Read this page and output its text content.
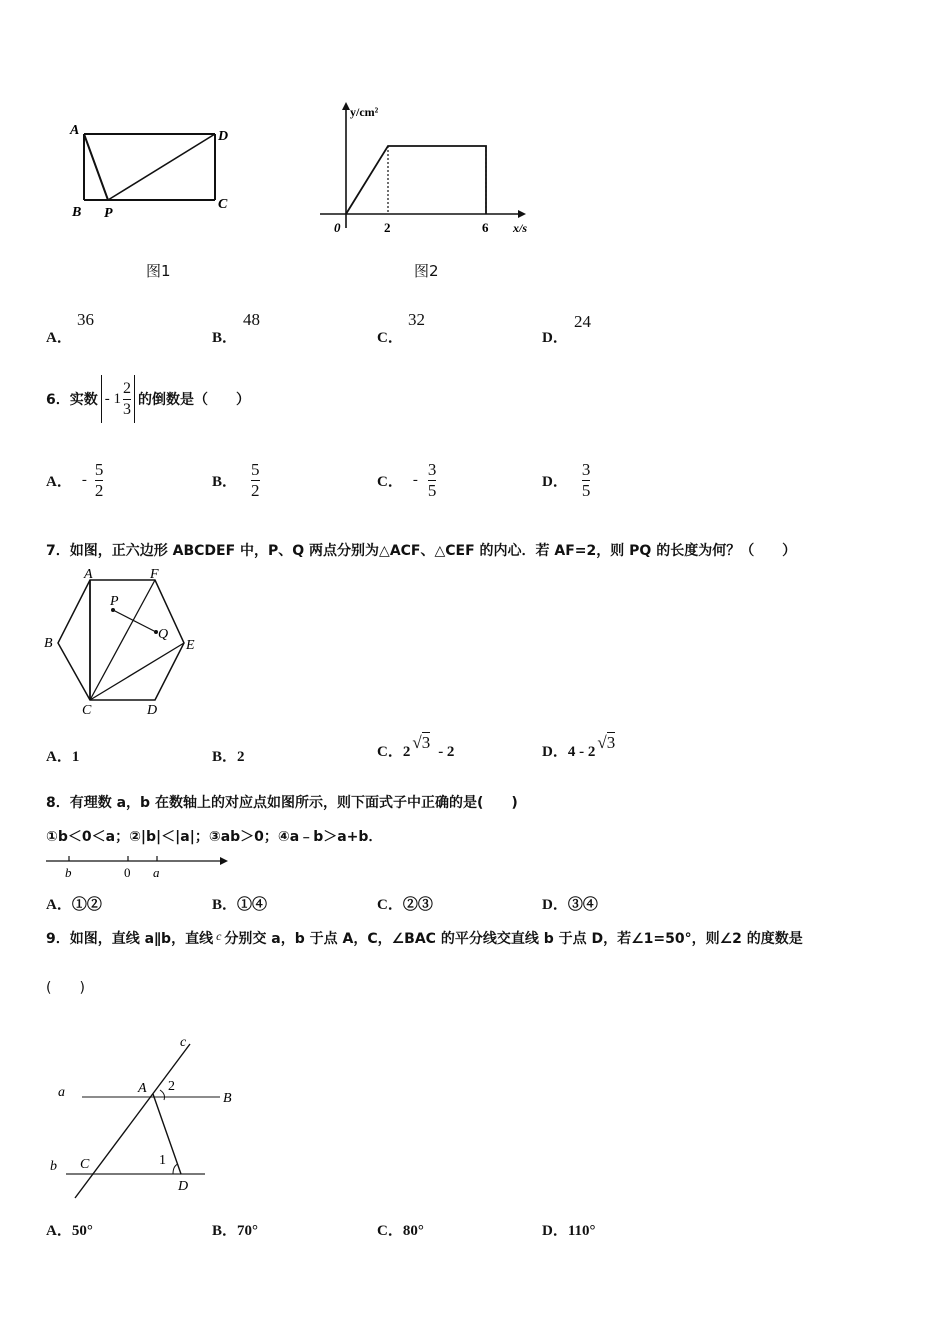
A	D
B P
C
图1
y/cm²
x/s
0	2	6
图2
A．
36
B．
48
C．
32
D．
24
6．实数 - $1 \frac{2}{3}$ 的倒数是（　　）
A． - $\frac{5}{2}$	B． $\frac{5}{2}$	C． - $\frac{3}{5}$	D． $\frac{3}{5}$
7．如图，正六边形 ABCDEF 中，P、Q 两点分别为△ACF、△CEF 的内心．若 AF=2，则 PQ 的长度为何？（　　）
A	F
P
Q
B	E
C	D
A．1	B．2	C． 2 √3 - 2	D． 4 - 2 √3
8．有理数 a，b 在数轴上的对应点如图所示，则下面式子中正确的是(　　)
①b＜0＜a；②|b|＜|a|；③ab＞0；④a﹣b＞a+b．
b	0 a
A．①②	B．①④	C．②③	D．③④
9．如图，直线 a∥b，直线 c 分别交 a，b 于点 A，C，∠BAC 的平分线交直线 b 于点 D，若∠1=50°，则∠2 的度数是
(　　)
c
a	A 2
B
b C	1
D
A．50°	B．70°	C．80°	D．110°
